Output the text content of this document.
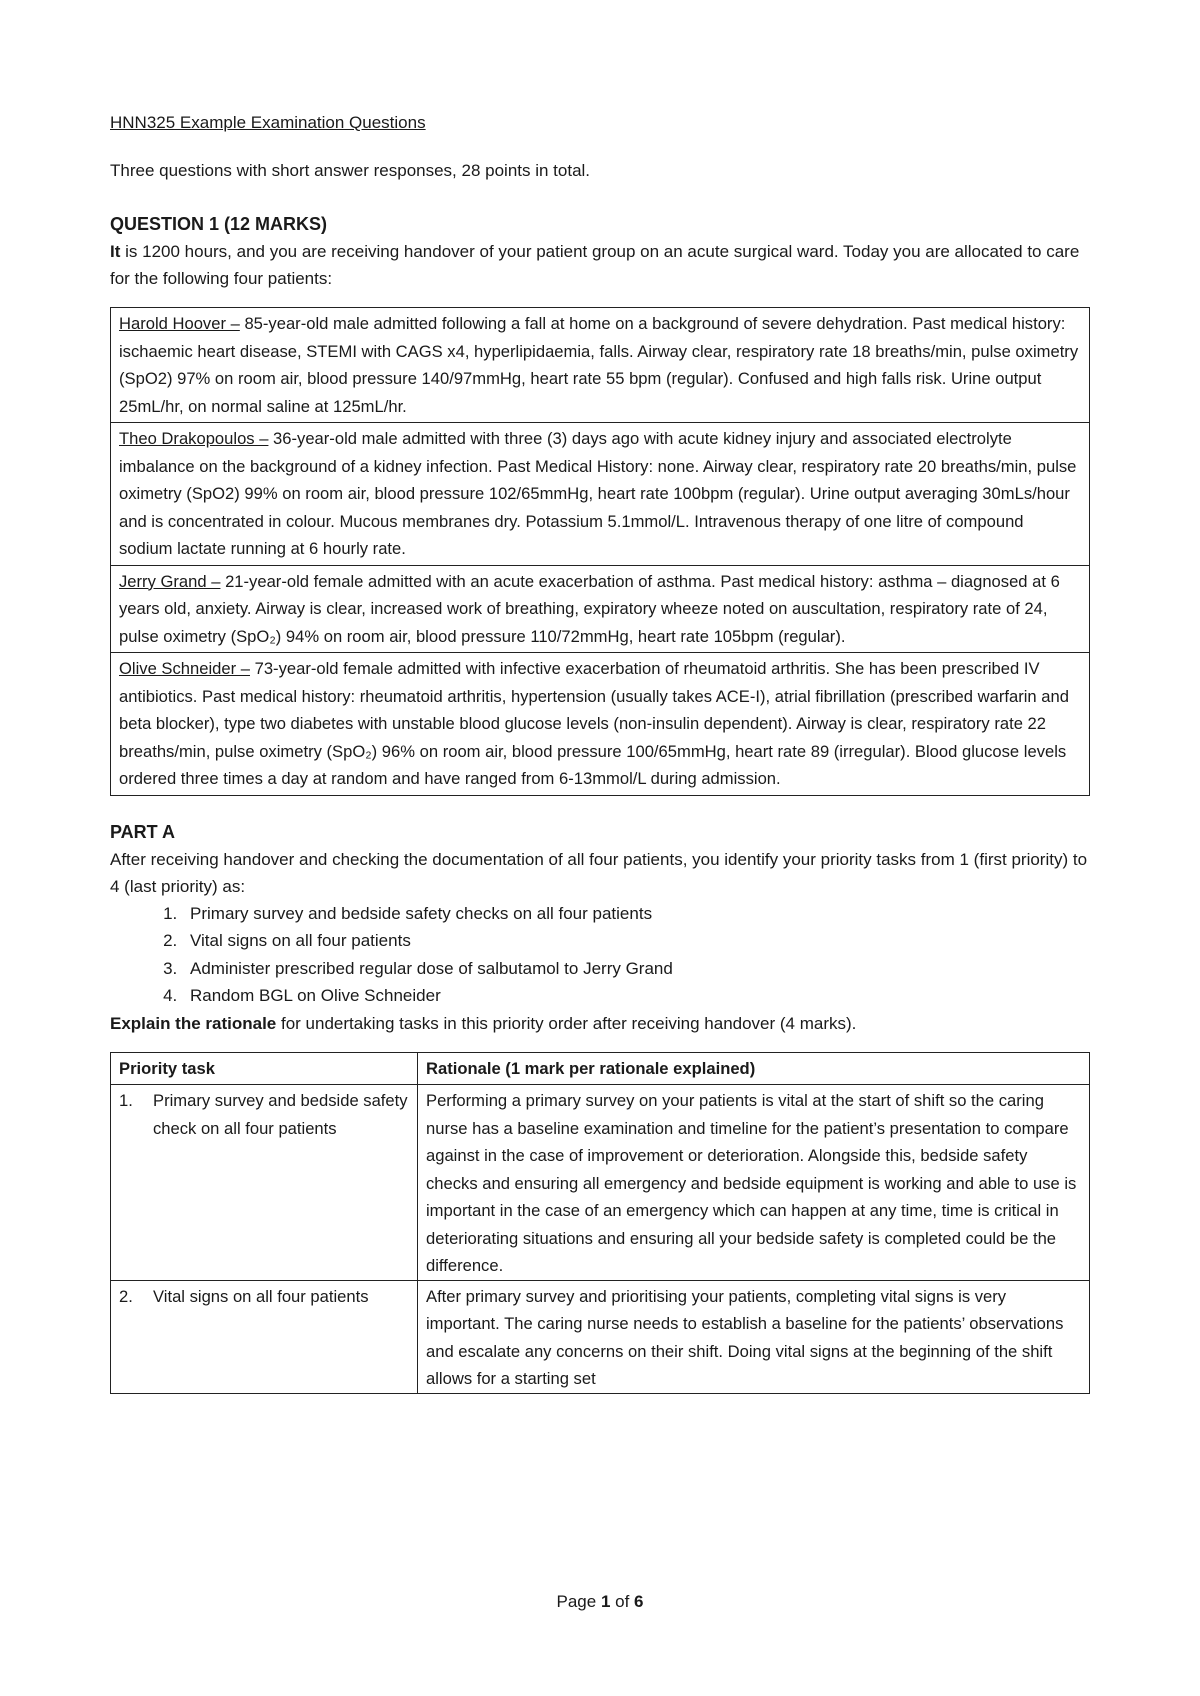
HNN325 Example Examination Questions

Three questions with short answer responses, 28 points in total.

QUESTION 1 (12 MARKS)

It is 1200 hours, and you are receiving handover of your patient group on an acute surgical ward. Today you are allocated to care for the following four patients:

Harold Hoover – 85-year-old male admitted following a fall at home on a background of severe dehydration. Past medical history: ischaemic heart disease, STEMI with CAGS x4, hyperlipidaemia, falls. Airway clear, respiratory rate 18 breaths/min, pulse oximetry (SpO2) 97% on room air, blood pressure 140/97mmHg, heart rate 55 bpm (regular). Confused and high falls risk. Urine output 25mL/hr, on normal saline at 125mL/hr.
Theo Drakopoulos – 36-year-old male admitted with three (3) days ago with acute kidney injury and associated electrolyte imbalance on the background of a kidney infection. Past Medical History: none. Airway clear, respiratory rate 20 breaths/min, pulse oximetry (SpO2) 99% on room air, blood pressure 102/65mmHg, heart rate 100bpm (regular). Urine output averaging 30mLs/hour and is concentrated in colour. Mucous membranes dry. Potassium 5.1mmol/L. Intravenous therapy of one litre of compound sodium lactate running at 6 hourly rate.
Jerry Grand – 21-year-old female admitted with an acute exacerbation of asthma. Past medical history: asthma – diagnosed at 6 years old, anxiety. Airway is clear, increased work of breathing, expiratory wheeze noted on auscultation, respiratory rate of 24, pulse oximetry (SpO₂) 94% on room air, blood pressure 110/72mmHg, heart rate 105bpm (regular).
Olive Schneider – 73-year-old female admitted with infective exacerbation of rheumatoid arthritis. She has been prescribed IV antibiotics. Past medical history: rheumatoid arthritis, hypertension (usually takes ACE-I), atrial fibrillation (prescribed warfarin and beta blocker), type two diabetes with unstable blood glucose levels (non-insulin dependent). Airway is clear, respiratory rate 22 breaths/min, pulse oximetry (SpO₂) 96% on room air, blood pressure 100/65mmHg, heart rate 89 (irregular). Blood glucose levels ordered three times a day at random and have ranged from 6-13mmol/L during admission.

PART A

After receiving handover and checking the documentation of all four patients, you identify your priority tasks from 1 (first priority) to 4 (last priority) as:

1. Primary survey and bedside safety checks on all four patients
2. Vital signs on all four patients
3. Administer prescribed regular dose of salbutamol to Jerry Grand
4. Random BGL on Olive Schneider

Explain the rationale for undertaking tasks in this priority order after receiving handover (4 marks).

Priority task	Rationale (1 mark per rationale explained)

1. Primary survey and bedside safety check on all four patients	Performing a primary survey on your patients is vital at the start of shift so the caring nurse has a baseline examination and timeline for the patient’s presentation to compare against in the case of improvement or deterioration. Alongside this, bedside safety checks and ensuring all emergency and bedside equipment is working and able to use is important in the case of an emergency which can happen at any time, time is critical in deteriorating situations and ensuring all your bedside safety is completed could be the difference.

2. Vital signs on all four patients	After primary survey and prioritising your patients, completing vital signs is very important. The caring nurse needs to establish a baseline for the patients’ observations and escalate any concerns on their shift. Doing vital signs at the beginning of the shift allows for a starting set
Page 1 of 6
